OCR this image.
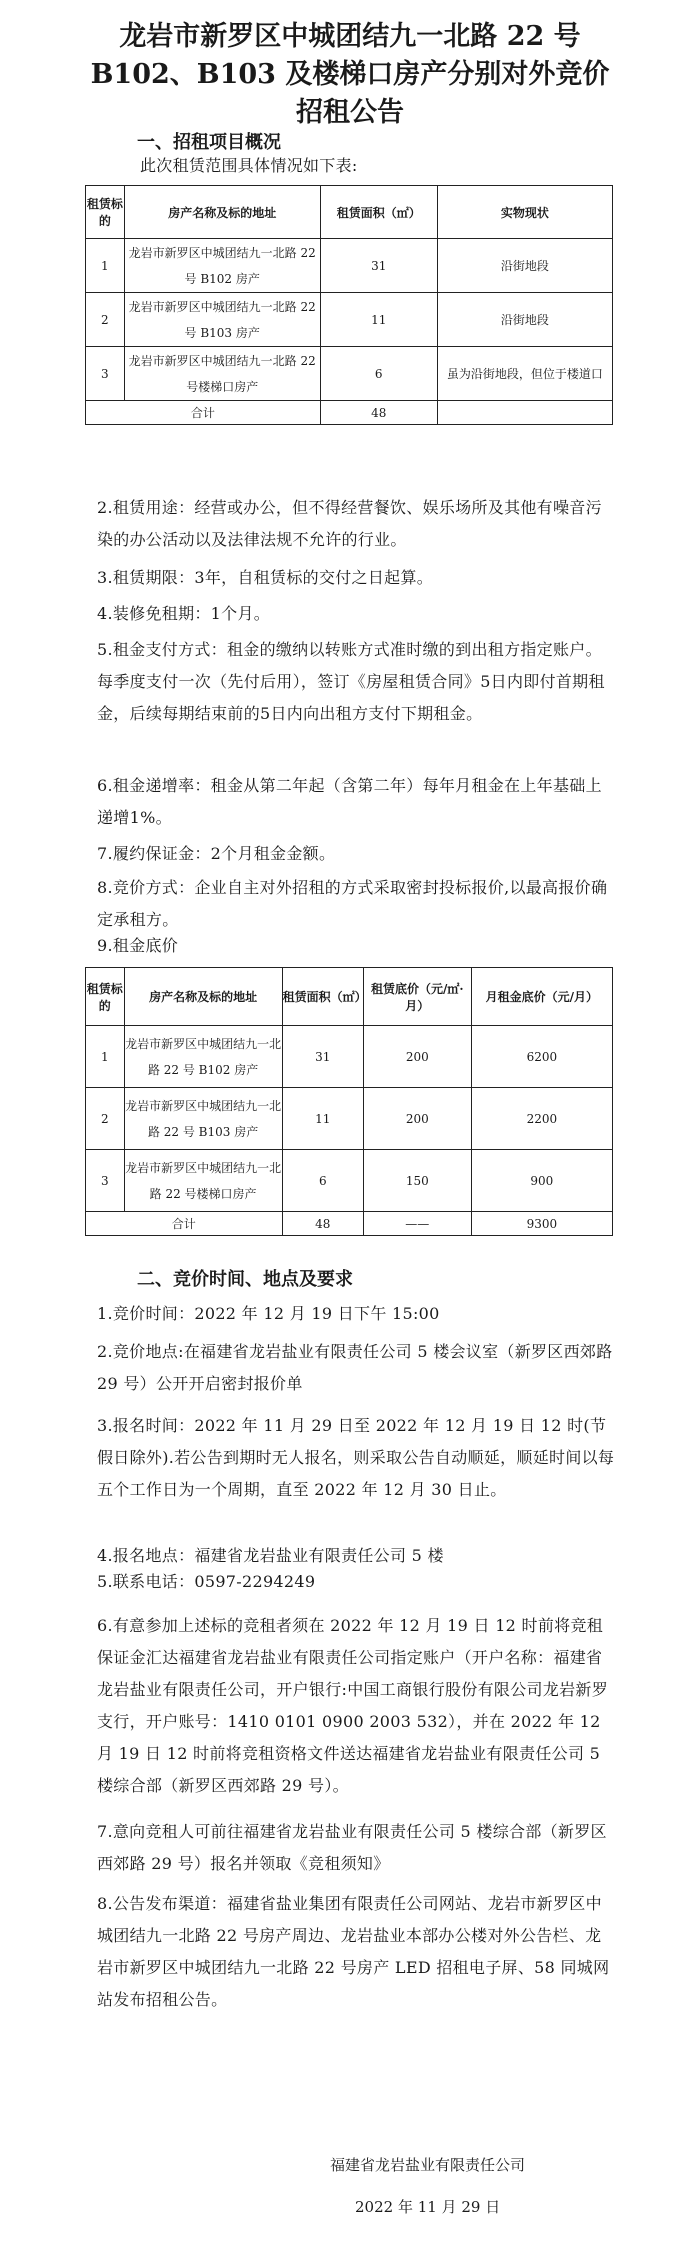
龙岩市新罗区中城团结九一北路 22 号
B102、B103 及楼梯口房产分别对外竞价
招租公告
一、招租项目概况
此次租赁范围具体情况如下表:
租赁标的	房产名称及标的地址	租赁面积（㎡）	实物现状
1	龙岩市新罗区中城团结九一北路 22 号 B102 房产	31	沿街地段
2	龙岩市新罗区中城团结九一北路 22 号 B103 房产	11	沿街地段
3	龙岩市新罗区中城团结九一北路 22 号楼梯口房产	6	虽为沿街地段，但位于楼道口
合计		48	
2.租赁用途：经营或办公，但不得经营餐饮、娱乐场所及其他有噪音污染的办公活动以及法律法规不允许的行业。
3.租赁期限：3年，自租赁标的交付之日起算。
4.装修免租期：1个月。
5.租金支付方式：租金的缴纳以转账方式准时缴的到出租方指定账户。每季度支付一次（先付后用），签订《房屋租赁合同》5日内即付首期租金，后续每期结束前的5日内向出租方支付下期租金。
6.租金递增率：租金从第二年起（含第二年）每年月租金在上年基础上递增1%。
7.履约保证金：2个月租金金额。
8.竞价方式：企业自主对外招租的方式采取密封投标报价,以最高报价确定承租方。
9.租金底价
租赁标的	房产名称及标的地址	租赁面积（㎡）	租赁底价（元/㎡·月）	月租金底价（元/月）
1	龙岩市新罗区中城团结九一北路 22 号 B102 房产	31	200	6200
2	龙岩市新罗区中城团结九一北路 22 号 B103 房产	11	200	2200
3	龙岩市新罗区中城团结九一北路 22 号楼梯口房产	6	150	900
合计		48	——	9300
二、竞价时间、地点及要求
1.竞价时间：2022 年 12 月 19 日下午 15:00
2.竞价地点:在福建省龙岩盐业有限责任公司 5 楼会议室（新罗区西郊路 29 号）公开开启密封报价单
3.报名时间：2022 年 11 月 29 日至 2022 年 12 月 19 日 12 时(节假日除外).若公告到期时无人报名，则采取公告自动顺延，顺延时间以每五个工作日为一个周期，直至 2022 年 12 月 30 日止。
4.报名地点：福建省龙岩盐业有限责任公司 5 楼
5.联系电话：0597-2294249
6.有意参加上述标的竞租者须在 2022 年 12 月 19 日 12 时前将竞租保证金汇达福建省龙岩盐业有限责任公司指定账户（开户名称：福建省龙岩盐业有限责任公司，开户银行:中国工商银行股份有限公司龙岩新罗支行，开户账号：1410 0101 0900 2003 532），并在 2022 年 12 月 19 日 12 时前将竞租资格文件送达福建省龙岩盐业有限责任公司 5 楼综合部（新罗区西郊路 29 号）。
7.意向竞租人可前往福建省龙岩盐业有限责任公司 5 楼综合部（新罗区西郊路 29 号）报名并领取《竞租须知》
8.公告发布渠道：福建省盐业集团有限责任公司网站、龙岩市新罗区中城团结九一北路 22 号房产周边、龙岩盐业本部办公楼对外公告栏、龙岩市新罗区中城团结九一北路 22 号房产 LED 招租电子屏、58 同城网站发布招租公告。
福建省龙岩盐业有限责任公司
2022 年 11 月 29 日
